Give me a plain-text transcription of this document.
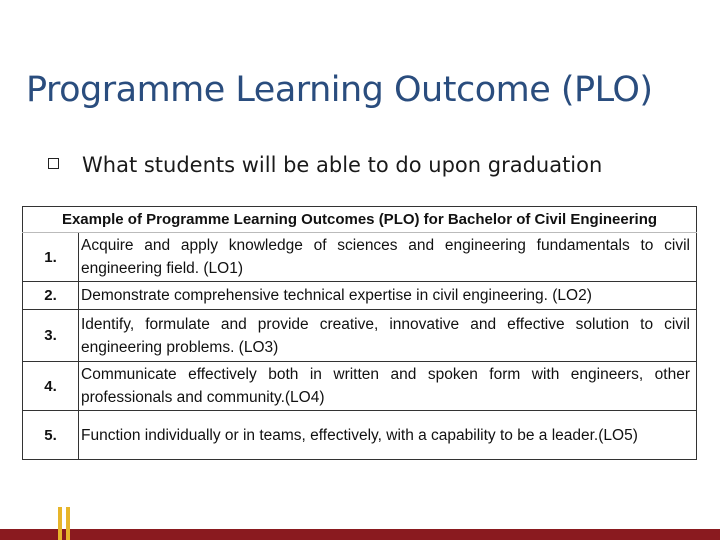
Programme Learning Outcome (PLO)
What students will be able to do upon graduation
Example of Programme Learning Outcomes (PLO) for Bachelor of Civil Engineering	

1.	Acquire and apply knowledge of sciences and engineering fundamentals to civil engineering field. (LO1)
2.	Demonstrate comprehensive technical expertise in civil engineering. (LO2)
3.	Identify, formulate and provide creative, innovative and effective solution to civil engineering problems. (LO3)
4.	Communicate effectively both in written and spoken form with engineers, other professionals and community.(LO4)
5.	Function individually or in teams, effectively, with a capability to be a leader.(LO5)
